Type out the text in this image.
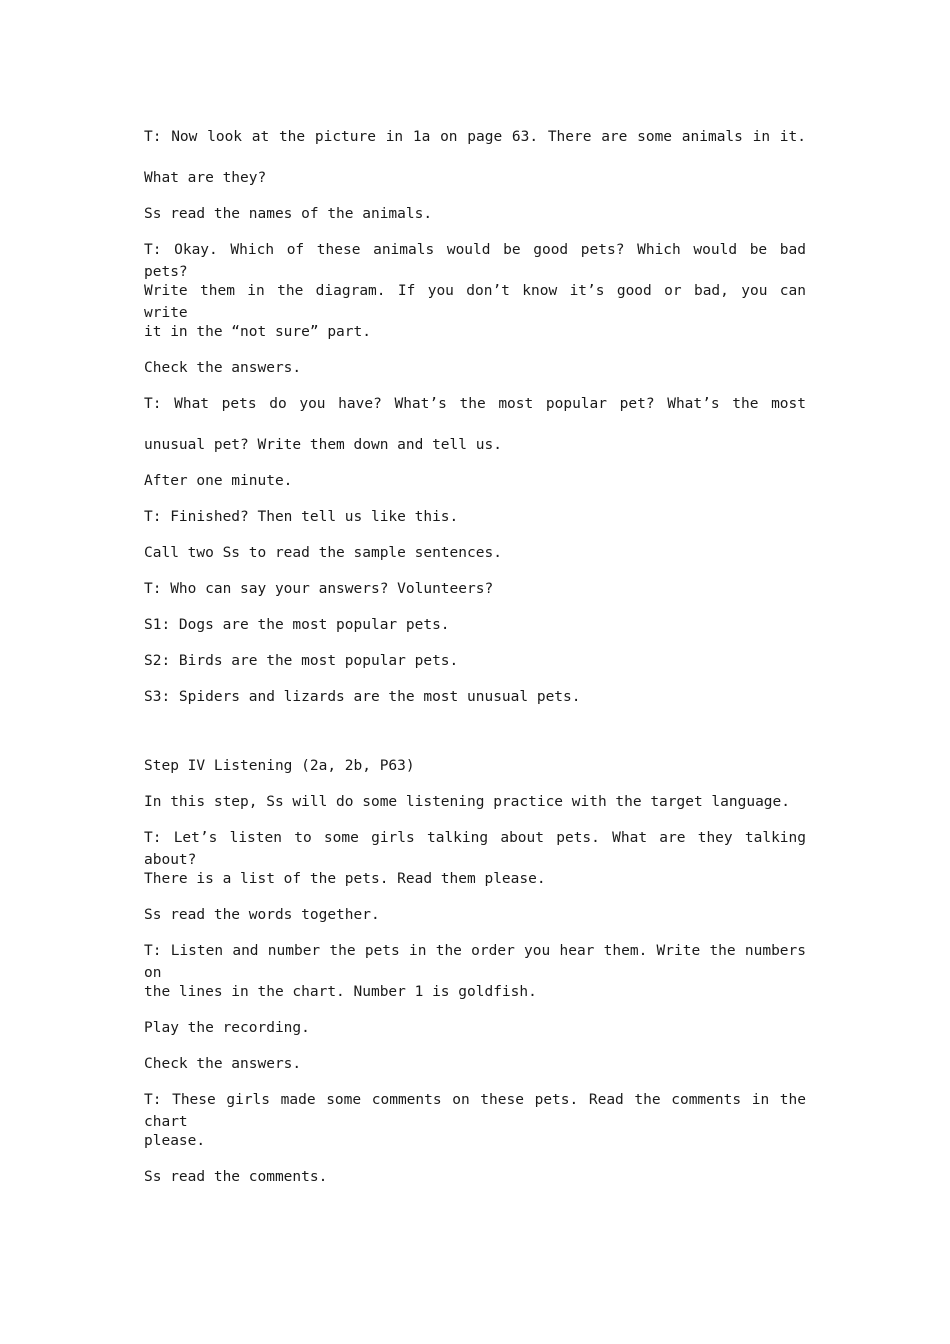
T: Now look at the picture in 1a on page 63. There are some animals in it.
What are they?
Ss read the names of the animals.
T: Okay. Which of these animals would be good pets? Which would be bad pets?
Write them in the diagram. If you don’t know it’s good or bad, you can write
it in the “not sure” part.
Check the answers.
T: What pets do you have? What’s the most popular pet? What’s the most
unusual pet? Write them down and tell us.
After one minute.
T: Finished? Then tell us like this.
Call two Ss to read the sample sentences.
T: Who can say your answers? Volunteers?
S1: Dogs are the most popular pets.
S2: Birds are the most popular pets.
S3: Spiders and lizards are the most unusual pets.
Step IV Listening (2a, 2b, P63)
In this step, Ss will do some listening practice with the target language.
T: Let’s listen to some girls talking about pets. What are they talking about?
There is a list of the pets. Read them please.
Ss read the words together.
T: Listen and number the pets in the order you hear them. Write the numbers on
the lines in the chart. Number 1 is goldfish.
Play the recording.
Check the answers.
T: These girls made some comments on these pets. Read the comments in the chart
please.
Ss read the comments.
